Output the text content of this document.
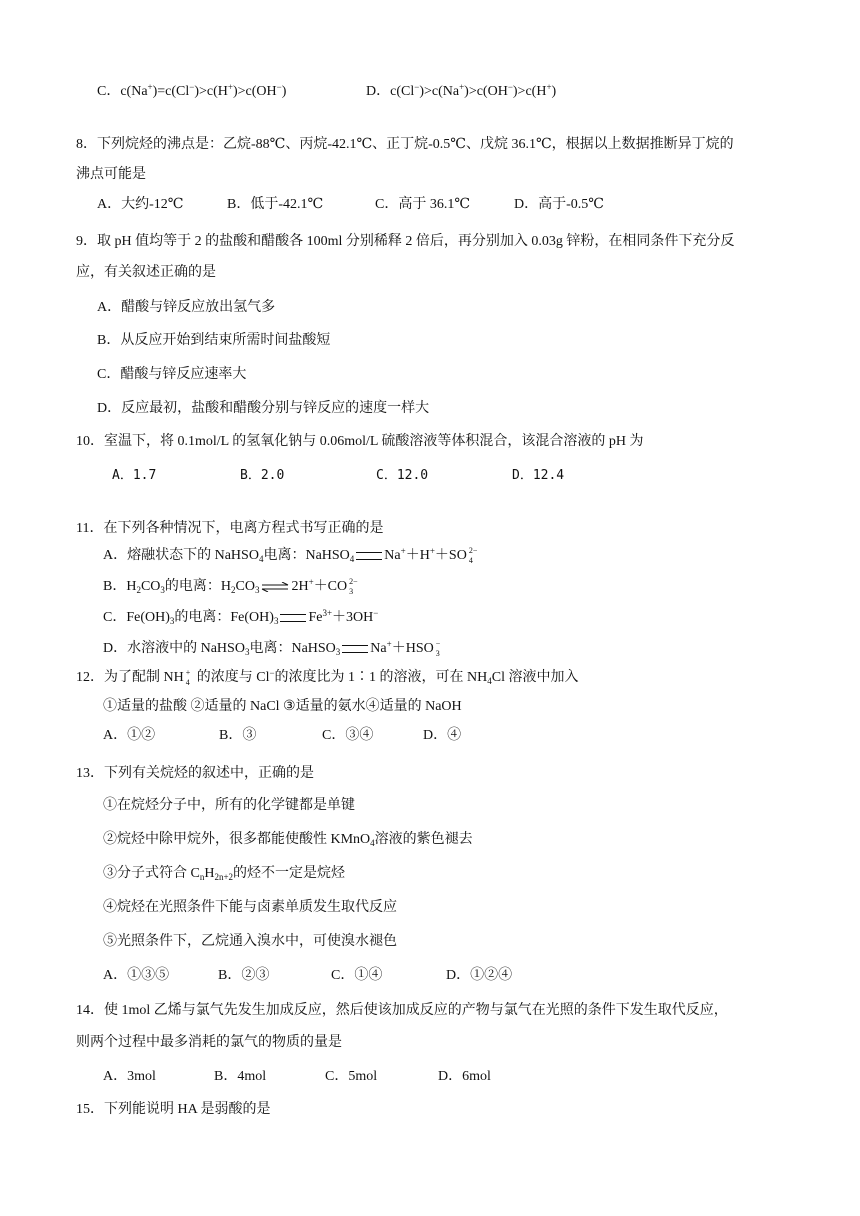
C．c(Na+)=c(Cl−)>c(H+)>c(OH−)	D．c(Cl−)>c(Na+)>c(OH−)>c(H+)
8．下列烷烃的沸点是：乙烷-88℃、丙烷-42.1℃、正丁烷-0.5℃、戊烷 36.1℃，根据以上数据推断异丁烷的
沸点可能是
A．大约-12℃	B．低于-42.1℃	C．高于 36.1℃	D．高于-0.5℃
9．取 pH 值均等于 2 的盐酸和醋酸各 100ml 分别稀释 2 倍后，再分别加入 0.03g 锌粉，在相同条件下充分反
应，有关叙述正确的是
A．醋酸与锌反应放出氢气多
B．从反应开始到结束所需时间盐酸短
C．醋酸与锌反应速率大
D．反应最初，盐酸和醋酸分别与锌反应的速度一样大
10．室温下，将 0.1mol/L 的氢氧化钠与 0.06mol/L 硫酸溶液等体积混合，该混合溶液的 pH 为
A．1.7	B．2.0	C．12.0	D．12.4
11．在下列各种情况下，电离方程式书写正确的是
A．熔融状态下的 NaHSO$_4$电离：NaHSO$_4$ Na+＋H+＋SO 2−
4
B．$H_2CO_3$的电离：$H_2CO_3$ ⇌ 2H+＋CO 2−
3
C．$Fe(OH)_3$的电离：$Fe(OH)_3$ $Fe^{3+}+3OH^-$
D．水溶液中的 NaHSO$_3$电离：NaHSO$_3$ Na+＋HSO −
3
12．为了配制 NH +
4 的浓度与 Cl−的浓度比为 1∶1 的溶液，可在 $NH_4Cl$ 溶液中加入
①适量的盐酸 ②适量的 NaCl ③适量的氨水④适量的 NaOH
A．①②	B．③	C．③④	D．④
13．下列有关烷烃的叙述中，正确的是
①在烷烃分子中，所有的化学键都是单键
②烷烃中除甲烷外，很多都能使酸性 KMnO$_4$溶液的紫色褪去
③分子式符合 $C_nH_{2n+2}$的烃不一定是烷烃
④烷烃在光照条件下能与卤素单质发生取代反应
⑤光照条件下，乙烷通入溴水中，可使溴水褪色
A．①③⑤	B．②③	C．①④	D．①②④
14．使 1mol 乙烯与氯气先发生加成反应，然后使该加成反应的产物与氯气在光照的条件下发生取代反应，
则两个过程中最多消耗的氯气的物质的量是
A．3mol	B．4mol	C．5mol	D．6mol
15．下列能说明 HA 是弱酸的是
